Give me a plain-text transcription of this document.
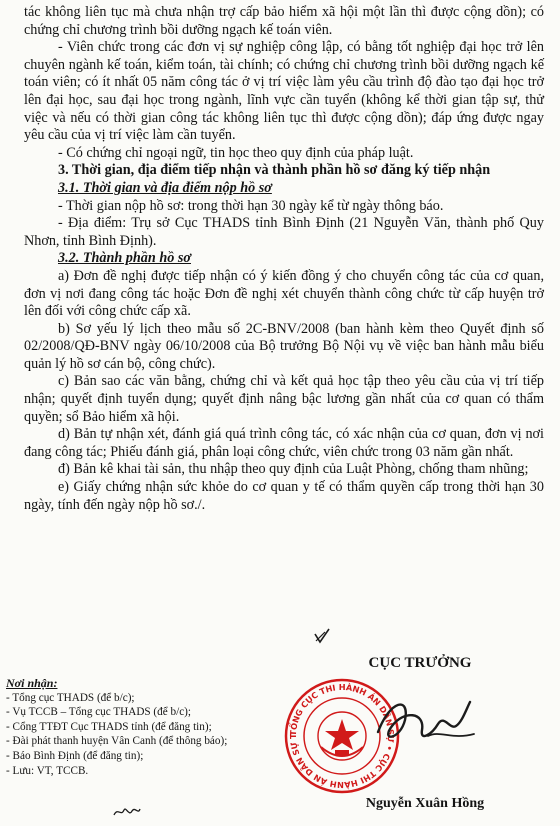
tác không liên tục mà chưa nhận trợ cấp bảo hiểm xã hội một lần thì được cộng dồn); có chứng chỉ chương trình bồi dưỡng ngạch kế toán viên.

- Viên chức trong các đơn vị sự nghiệp công lập, có bằng tốt nghiệp đại học trở lên chuyên ngành kế toán, kiểm toán, tài chính; có chứng chỉ chương trình bồi dưỡng ngạch kế toán viên; có ít nhất 05 năm công tác ở vị trí việc làm yêu cầu trình độ đào tạo đại học trở lên đại học, sau đại học trong ngành, lĩnh vực cần tuyển (không kể thời gian tập sự, thử việc và nếu có thời gian công tác không liên tục thì được cộng dồn); đáp ứng được ngay yêu cầu của vị trí việc làm cần tuyển.

- Có chứng chỉ ngoại ngữ, tin học theo quy định của pháp luật.

3. Thời gian, địa điểm tiếp nhận và thành phần hồ sơ đăng ký tiếp nhận

3.1. Thời gian và địa điểm nộp hồ sơ

- Thời gian nộp hồ sơ: trong thời hạn 30 ngày kể từ ngày thông báo.

- Địa điểm: Trụ sở Cục THADS tỉnh Bình Định (21 Nguyễn Văn, thành phố Quy Nhơn, tỉnh Bình Định).

3.2. Thành phần hồ sơ

a) Đơn đề nghị được tiếp nhận có ý kiến đồng ý cho chuyển công tác của cơ quan, đơn vị nơi đang công tác hoặc Đơn đề nghị xét chuyển thành công chức từ cấp huyện trở lên đối với công chức cấp xã.

b) Sơ yếu lý lịch theo mẫu số 2C-BNV/2008 (ban hành kèm theo Quyết định số 02/2008/QĐ-BNV ngày 06/10/2008 của Bộ trưởng Bộ Nội vụ về việc ban hành mẫu biểu quản lý hồ sơ cán bộ, công chức).

c) Bản sao các văn bằng, chứng chỉ và kết quả học tập theo yêu cầu của vị trí tiếp nhận; quyết định tuyển dụng; quyết định nâng bậc lương gần nhất của cơ quan có thẩm quyền; sổ Bảo hiểm xã hội.

d) Bản tự nhận xét, đánh giá quá trình công tác, có xác nhận của cơ quan, đơn vị nơi đang công tác; Phiếu đánh giá, phân loại công chức, viên chức trong 03 năm gần nhất.

đ) Bản kê khai tài sản, thu nhập theo quy định của Luật Phòng, chống tham nhũng;

e) Giấy chứng nhận sức khỏe do cơ quan y tế có thẩm quyền cấp trong thời hạn 30 ngày, tính đến ngày nộp hồ sơ./.

Nơi nhận:
- Tổng cục THADS (để b/c);
- Vụ TCCB – Tổng cục THADS (để b/c);
- Cổng TTĐT Cục THADS tỉnh (để đăng tin);
- Đài phát thanh huyện Vân Canh (để thông báo);
- Báo Bình Định (để đăng tin);
- Lưu: VT, TCCB.
CỤC TRƯỞNG
TỔNG CỤC THI HÀNH ÁN DÂN SỰ • CỤC THI HÀNH ÁN DÂN SỰ T
Nguyễn Xuân Hồng
